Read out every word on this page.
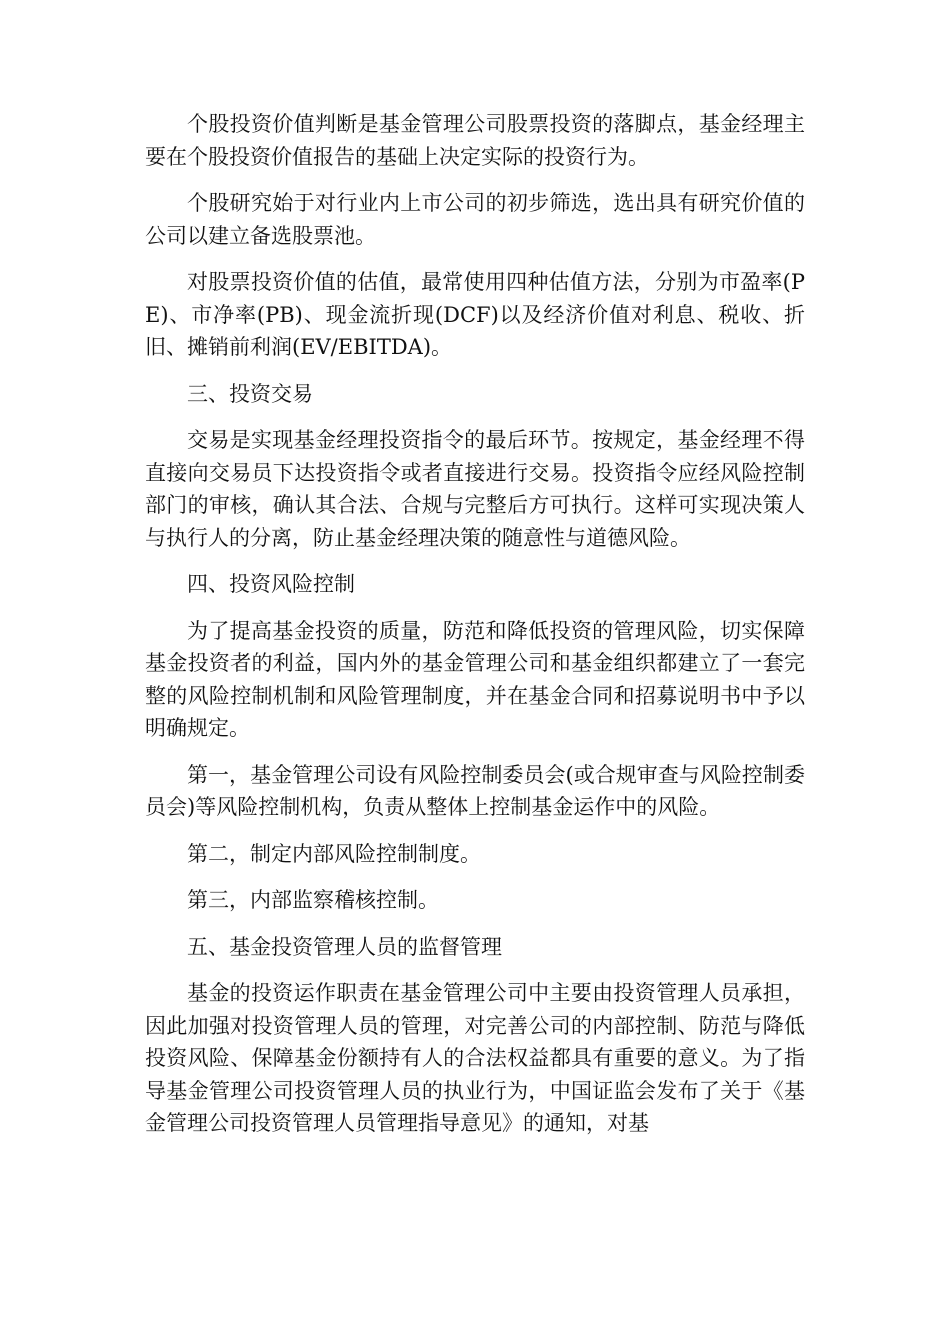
个股投资价值判断是基金管理公司股票投资的落脚点，基金经理主要在个股投资价值报告的基础上决定实际的投资行为。

个股研究始于对行业内上市公司的初步筛选，选出具有研究价值的公司以建立备选股票池。

对股票投资价值的估值，最常使用四种估值方法，分别为市盈率(PE)、市净率(PB)、现金流折现(DCF)以及经济价值对利息、税收、折旧、摊销前利润(EV/EBITDA)。

三、投资交易

交易是实现基金经理投资指令的最后环节。按规定，基金经理不得直接向交易员下达投资指令或者直接进行交易。投资指令应经风险控制部门的审核，确认其合法、合规与完整后方可执行。这样可实现决策人与执行人的分离，防止基金经理决策的随意性与道德风险。

四、投资风险控制

为了提高基金投资的质量，防范和降低投资的管理风险，切实保障基金投资者的利益，国内外的基金管理公司和基金组织都建立了一套完整的风险控制机制和风险管理制度，并在基金合同和招募说明书中予以明确规定。

第一，基金管理公司设有风险控制委员会(或合规审查与风险控制委员会)等风险控制机构，负责从整体上控制基金运作中的风险。

第二，制定内部风险控制制度。

第三，内部监察稽核控制。

五、基金投资管理人员的监督管理

基金的投资运作职责在基金管理公司中主要由投资管理人员承担，因此加强对投资管理人员的管理，对完善公司的内部控制、防范与降低投资风险、保障基金份额持有人的合法权益都具有重要的意义。为了指导基金管理公司投资管理人员的执业行为，中国证监会发布了关于《基金管理公司投资管理人员管理指导意见》的通知，对基
